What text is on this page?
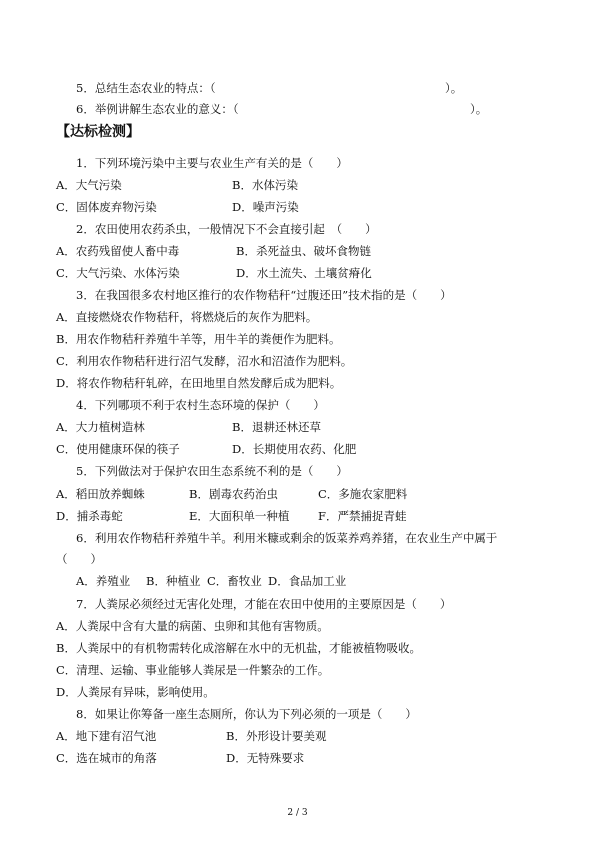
5．总结生态农业的特点：（	）。
6．举例讲解生态农业的意义：（	）。
【达标检测】
1．下列环境污染中主要与农业生产有关的是（　　）
A．大气污染	B．水体污染
C．固体废弃物污染	D．噪声污染
2．农田使用农药杀虫，一般情况下不会直接引起　（　　）
A．农药残留使人畜中毒	B．杀死益虫、破坏食物链
C．大气污染、水体污染	D．水土流失、土壤贫瘠化
3．在我国很多农村地区推行的农作物秸秆“过腹还田”技术指的是（　　）
A．直接燃烧农作物秸秆，将燃烧后的灰作为肥料。
B．用农作物秸秆养殖牛羊等，用牛羊的粪便作为肥料。
C．利用农作物秸秆进行沼气发酵，沼水和沼渣作为肥料。
D．将农作物秸秆轧碎，在田地里自然发酵后成为肥料。
4．下列哪项不利于农村生态环境的保护（　　）
A．大力植树造林	B．退耕还林还草
C．使用健康环保的筷子	D．长期使用农药、化肥
5．下列做法对于保护农田生态系统不利的是（　　）
A．稻田放养蜘蛛	B．剧毒农药治虫	C．多施农家肥料
D．捕杀毒蛇	E．大面积单一种植 F．严禁捕捉青蛙
6．利用农作物秸秆养殖牛羊。利用米糠或剩余的饭菜养鸡养猪，在农业生产中属于
（　　）
A．养殖业 B．种植业 C．畜牧业 D．食品加工业
7．人粪尿必须经过无害化处理，才能在农田中使用的主要原因是（　　）
A．人粪尿中含有大量的病菌、虫卵和其他有害物质。
B．人粪尿中的有机物需转化成溶解在水中的无机盐，才能被植物吸收。
C．清理、运输、事业能够人粪尿是一件繁杂的工作。
D．人粪尿有异味，影响使用。
8．如果让你筹备一座生态厕所，你认为下列必须的一项是（　　）
A．地下建有沼气池	B．外形设计要美观
C．选在城市的角落	D．无特殊要求
2 / 3
